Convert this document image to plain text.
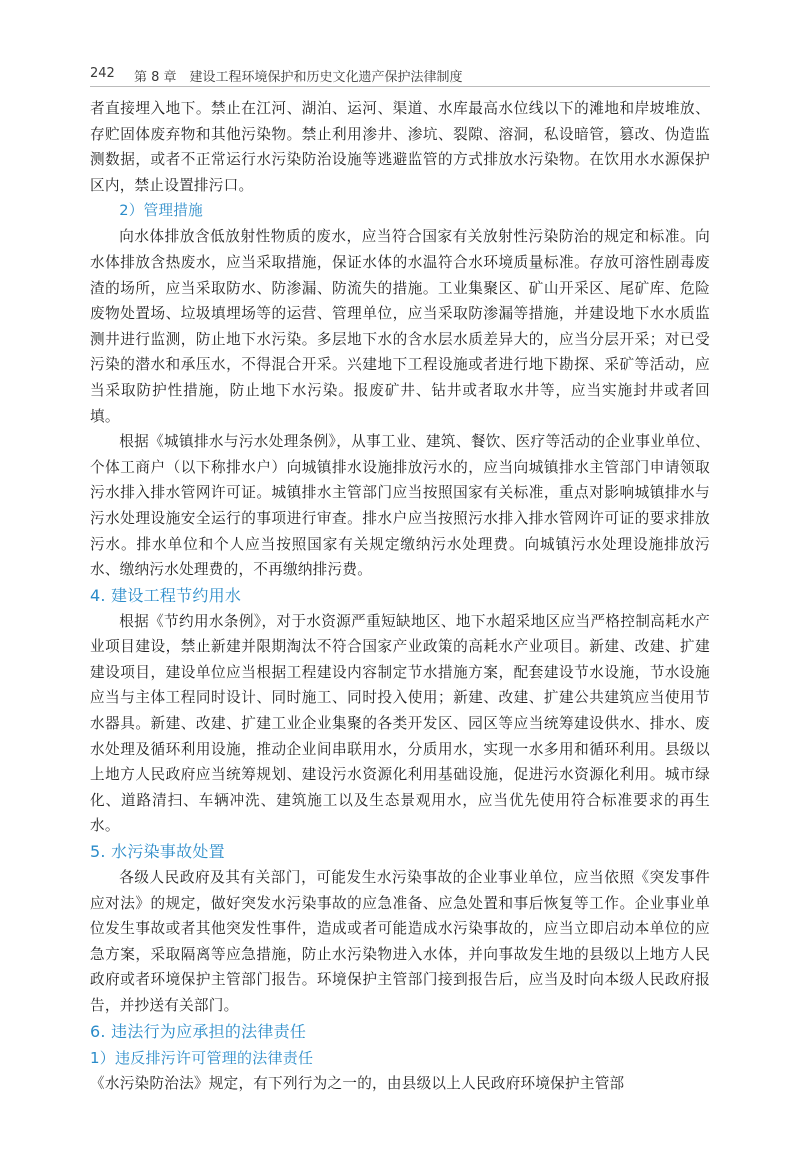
242 第 8 章　建设工程环境保护和历史文化遗产保护法律制度

者直接埋入地下。禁止在江河、湖泊、运河、渠道、水库最高水位线以下的滩地和岸坡堆放、存贮固体废弃物和其他污染物。禁止利用渗井、渗坑、裂隙、溶洞，私设暗管，篡改、伪造监测数据，或者不正常运行水污染防治设施等逃避监管的方式排放水污染物。在饮用水水源保护区内，禁止设置排污口。

2）管理措施

向水体排放含低放射性物质的废水，应当符合国家有关放射性污染防治的规定和标准。向水体排放含热废水，应当采取措施，保证水体的水温符合水环境质量标准。存放可溶性剧毒废渣的场所，应当采取防水、防渗漏、防流失的措施。工业集聚区、矿山开采区、尾矿库、危险废物处置场、垃圾填埋场等的运营、管理单位，应当采取防渗漏等措施，并建设地下水水质监测井进行监测，防止地下水污染。多层地下水的含水层水质差异大的，应当分层开采；对已受污染的潜水和承压水，不得混合开采。兴建地下工程设施或者进行地下勘探、采矿等活动，应当采取防护性措施，防止地下水污染。报废矿井、钻井或者取水井等，应当实施封井或者回填。

根据《城镇排水与污水处理条例》，从事工业、建筑、餐饮、医疗等活动的企业事业单位、个体工商户（以下称排水户）向城镇排水设施排放污水的，应当向城镇排水主管部门申请领取污水排入排水管网许可证。城镇排水主管部门应当按照国家有关标准，重点对影响城镇排水与污水处理设施安全运行的事项进行审查。排水户应当按照污水排入排水管网许可证的要求排放污水。排水单位和个人应当按照国家有关规定缴纳污水处理费。向城镇污水处理设施排放污水、缴纳污水处理费的，不再缴纳排污费。

4. 建设工程节约用水

根据《节约用水条例》，对于水资源严重短缺地区、地下水超采地区应当严格控制高耗水产业项目建设，禁止新建并限期淘汰不符合国家产业政策的高耗水产业项目。新建、改建、扩建建设项目，建设单位应当根据工程建设内容制定节水措施方案，配套建设节水设施，节水设施应当与主体工程同时设计、同时施工、同时投入使用；新建、改建、扩建公共建筑应当使用节水器具。新建、改建、扩建工业企业集聚的各类开发区、园区等应当统筹建设供水、排水、废水处理及循环利用设施，推动企业间串联用水，分质用水，实现一水多用和循环利用。县级以上地方人民政府应当统筹规划、建设污水资源化利用基础设施，促进污水资源化利用。城市绿化、道路清扫、车辆冲洗、建筑施工以及生态景观用水，应当优先使用符合标准要求的再生水。

5. 水污染事故处置

各级人民政府及其有关部门，可能发生水污染事故的企业事业单位，应当依照《突发事件应对法》的规定，做好突发水污染事故的应急准备、应急处置和事后恢复等工作。企业事业单位发生事故或者其他突发性事件，造成或者可能造成水污染事故的，应当立即启动本单位的应急方案，采取隔离等应急措施，防止水污染物进入水体，并向事故发生地的县级以上地方人民政府或者环境保护主管部门报告。环境保护主管部门接到报告后，应当及时向本级人民政府报告，并抄送有关部门。

6. 违法行为应承担的法律责任

1）违反排污许可管理的法律责任

《水污染防治法》规定，有下列行为之一的，由县级以上人民政府环境保护主管部
